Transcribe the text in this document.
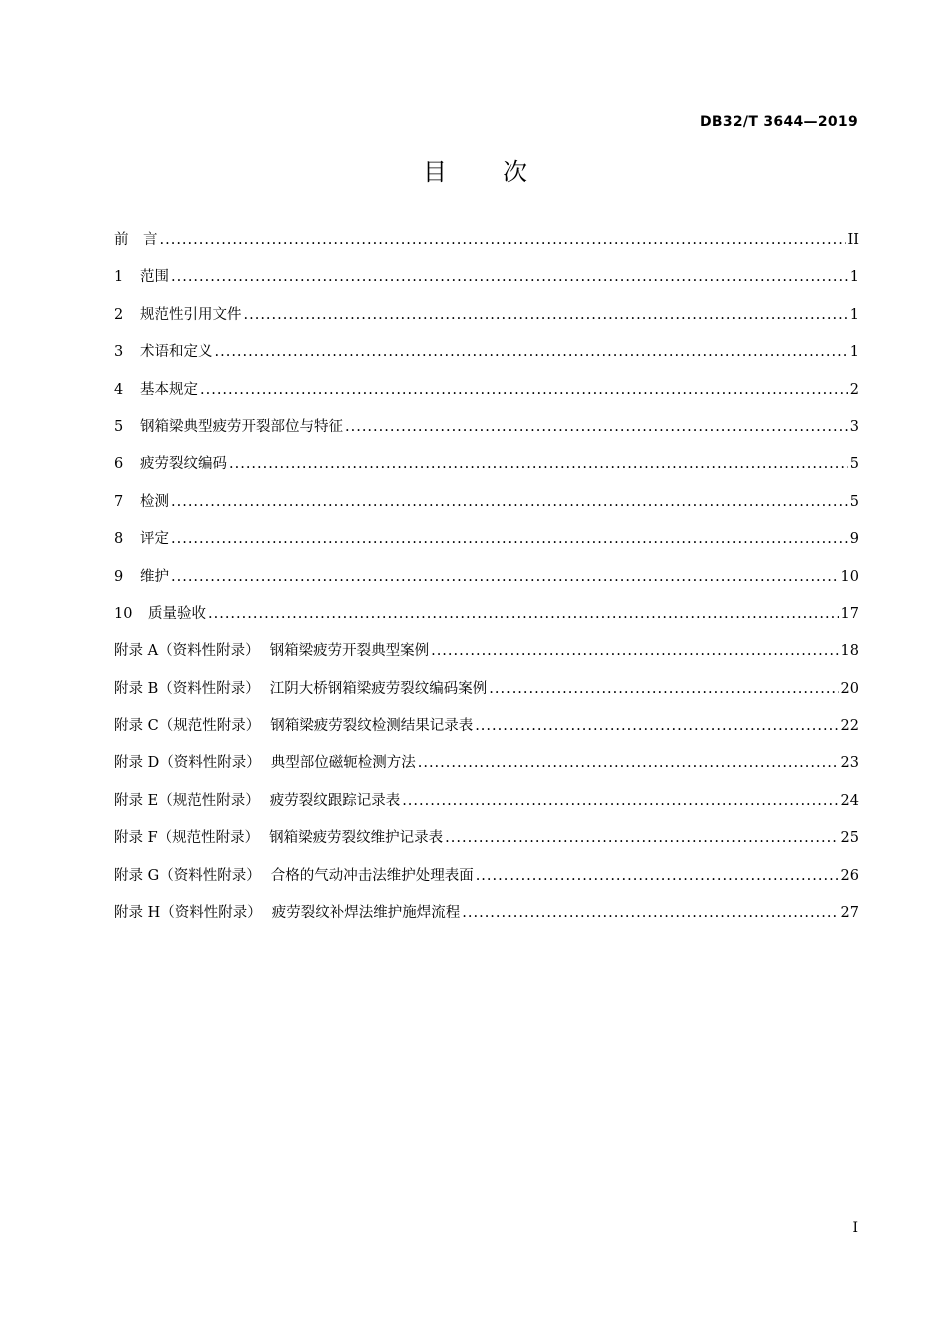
DB32/T 3644—2019
目次
前　言 .....	II
1 范围 .....	1
2 规范性引用文件 .....	1
3 术语和定义 .....	1
4 基本规定 .....	2
5 钢箱梁典型疲劳开裂部位与特征 .....	3
6 疲劳裂纹编码 .....	5
7 检测 .....	5
8 评定 .....	9
9 维护 .....	10
10 质量验收 .....	17
附录 A（资料性附录） 钢箱梁疲劳开裂典型案例 .....	18
附录 B（资料性附录） 江阴大桥钢箱梁疲劳裂纹编码案例 .....	20
附录 C（规范性附录） 钢箱梁疲劳裂纹检测结果记录表 .....	22
附录 D（资料性附录） 典型部位磁轭检测方法 .....	23
附录 E（规范性附录） 疲劳裂纹跟踪记录表 .....	24
附录 F（规范性附录） 钢箱梁疲劳裂纹维护记录表 .....	25
附录 G（资料性附录） 合格的气动冲击法维护处理表面 .....	26
附录 H（资料性附录） 疲劳裂纹补焊法维护施焊流程 .....	27
I
